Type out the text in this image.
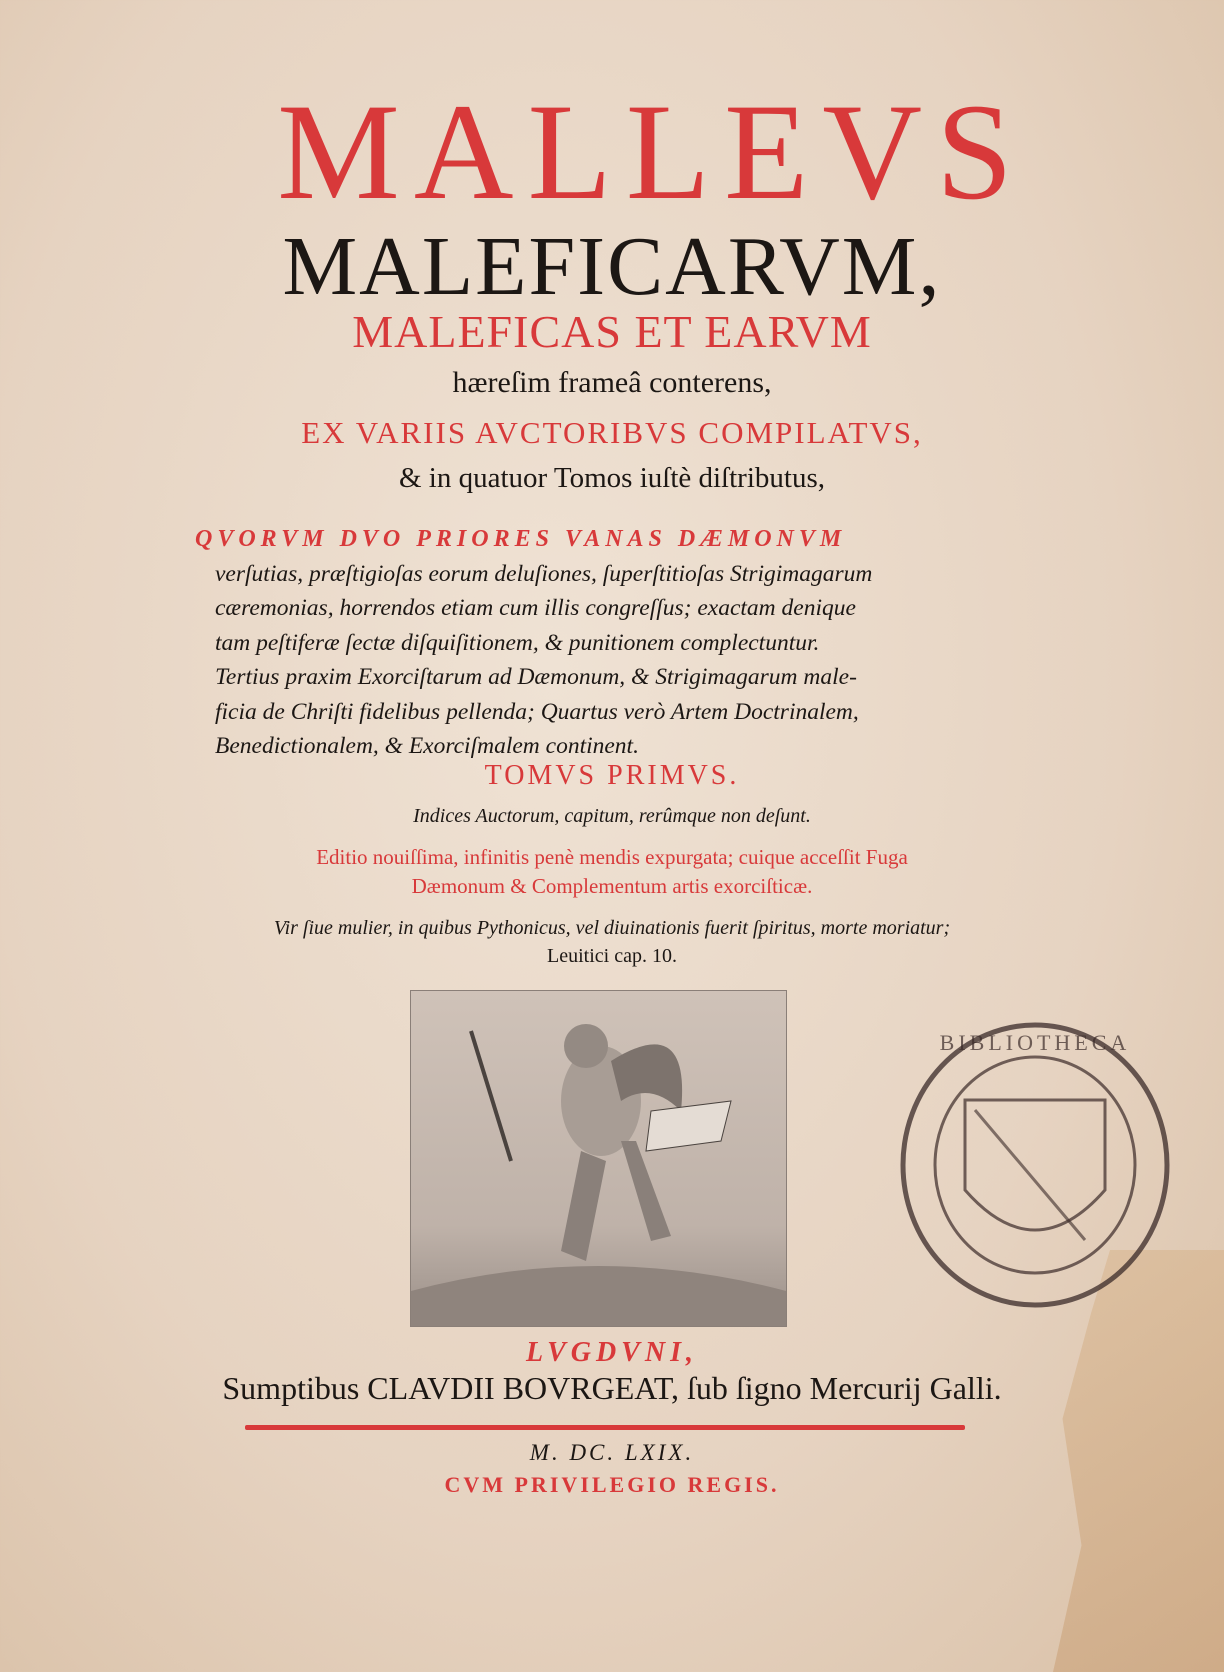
MALLEVS
MALEFICARVM,
MALEFICAS ET EARVM
hæreſim frameâ conterens,
EX VARIIS AVCTORIBVS COMPILATVS,
& in quatuor Tomos iuſtè diſtributus,
QVORVM DVO PRIORES VANAS DÆMONVM
verſutias, præſtigioſas eorum deluſiones, ſuperſtitioſas Strigimagarum
cæremonias, horrendos etiam cum illis congreſſus; exactam denique
tam peſtiferæ ſectæ diſquiſitionem, & punitionem complectuntur.
Tertius praxim Exorciſtarum ad Dæmonum, & Strigimagarum male-
ficia de Chriſti fidelibus pellenda; Quartus verò Artem Doctrinalem,
Benedictionalem, & Exorciſmalem continent.
TOMVS PRIMVS.
Indices Auctorum, capitum, rerûmque non deſunt.
Editio nouiſſima, infinitis penè mendis expurgata; cuique acceſſit Fuga
Dæmonum & Complementum artis exorciſticæ.
Vir ſiue mulier, in quibus Pythonicus, vel diuinationis fuerit ſpiritus, morte moriatur;
Leuitici cap. 10.
BIBLIOTHECA
LVGDVNI,
Sumptibus CLAVDII BOVRGEAT, ſub ſigno Mercurij Galli.
M. DC. LXIX.
CVM PRIVILEGIO REGIS.
